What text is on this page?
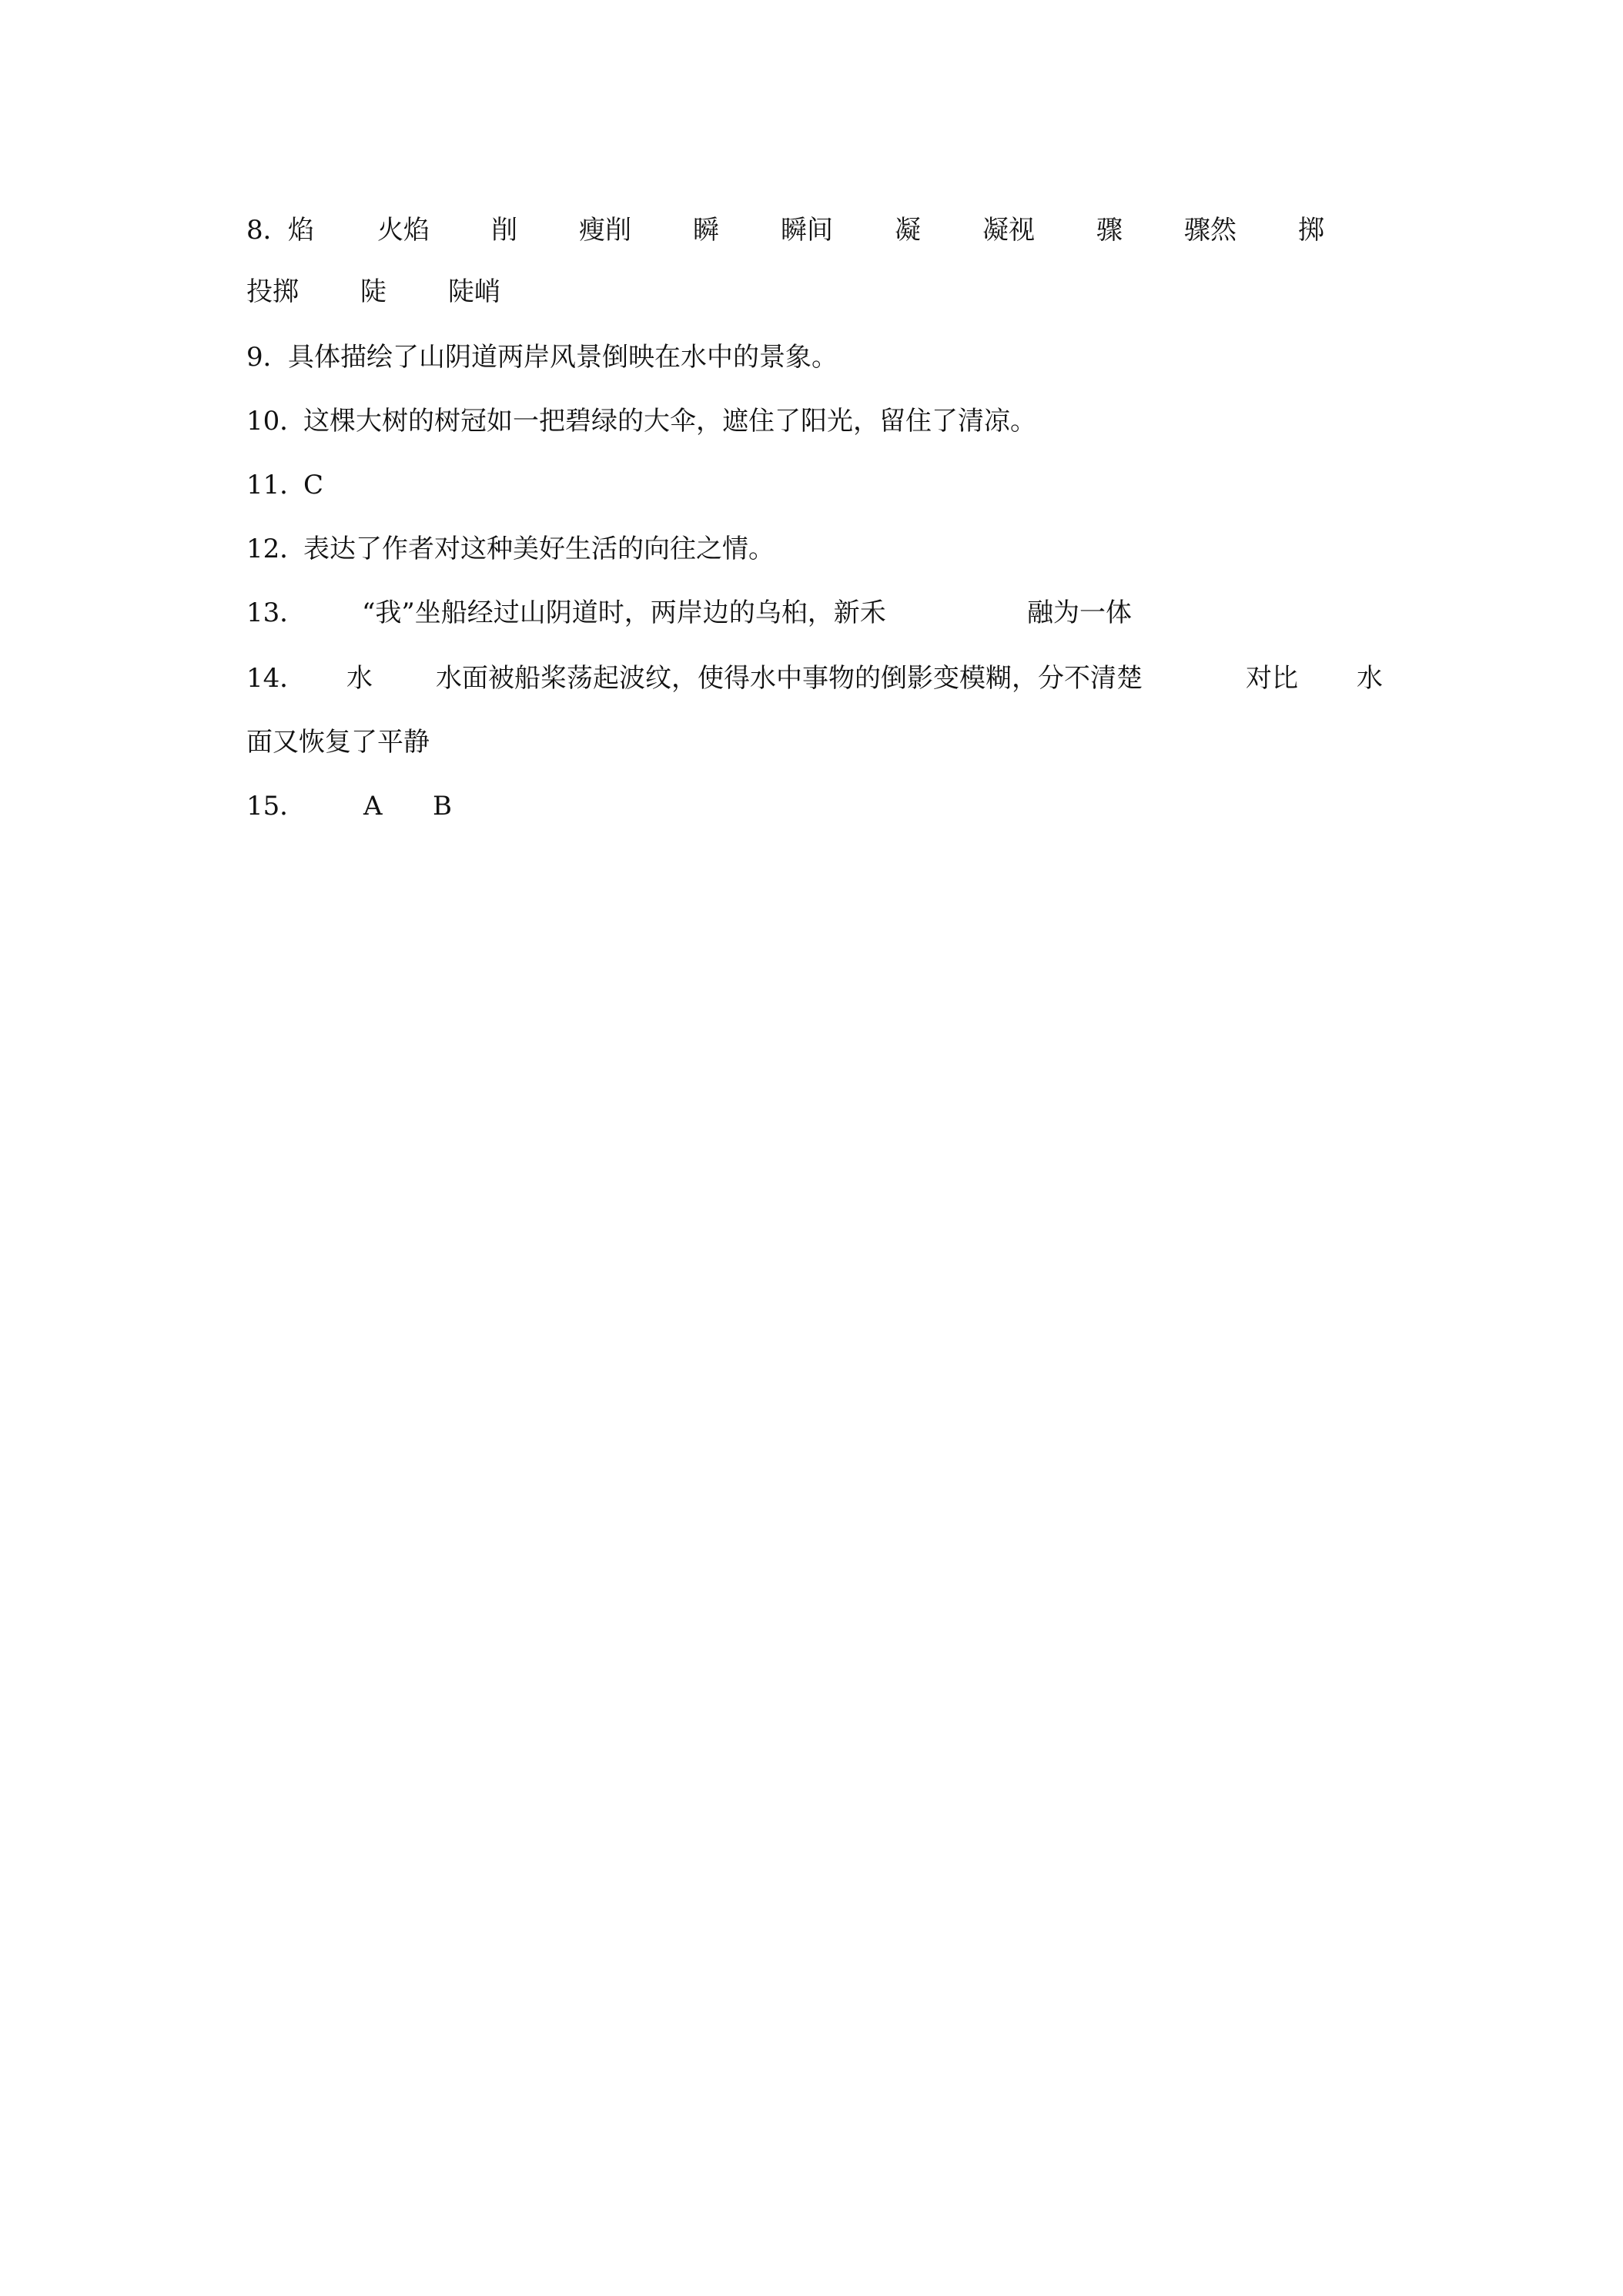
8．
焰 火焰 削 瘦削 瞬 瞬间 凝 凝视 骤 骤然 掷
投掷 陡 陡峭
9．
具体描绘了山阴道两岸风景倒映在水中的景象。
10．
这棵大树的树冠如一把碧绿的大伞，遮住了阳光，留住了清凉。
11．
C
12．
表达了作者对这种美好生活的向往之情。
13． “我”坐船经过山阴道时，两岸边的乌桕，新禾	融为一体
14． 水 水面被船桨荡起波纹，使得水中事物的倒影变模糊，分不清楚	对比 水
面又恢复了平静
15． A B
